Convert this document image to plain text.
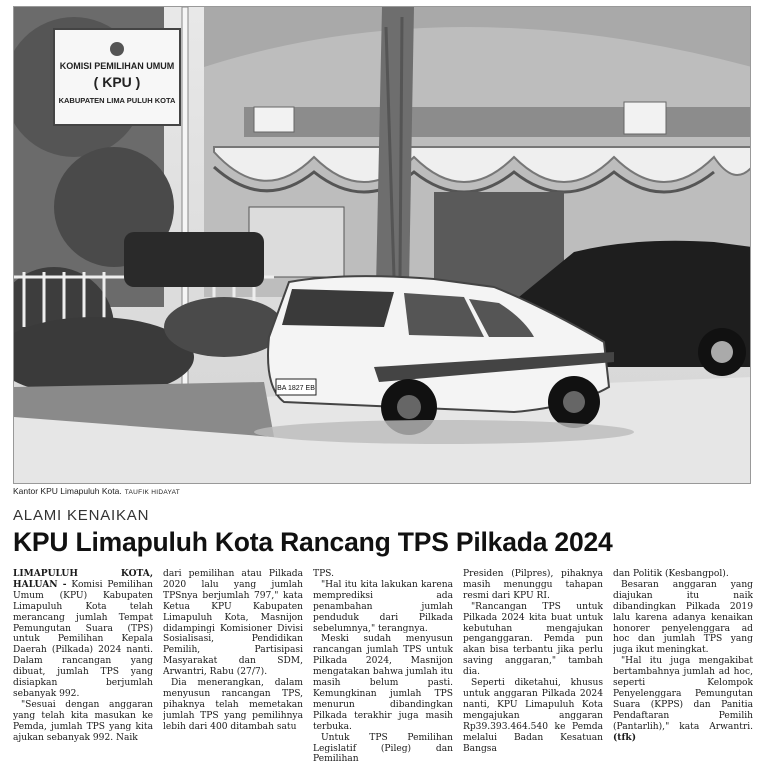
KOMISI PEMILIHAN UMUM
( KPU )
KABUPATEN LIMA PULUH KOTA
BA 1827 EB
Kantor KPU Limapuluh Kota. TAUFIK HIDAYAT
ALAMI KENAIKAN
KPU Limapuluh Kota Rancang TPS Pilkada 2024

LIMAPULUH KOTA, HALUAN - Komisi Pemilihan Umum (KPU) Kabupaten Limapuluh Kota telah merancang jumlah Tempat Pemungutan Suara (TPS) untuk Pemilihan Kepala Daerah (Pilkada) 2024 nanti. Dalam rancangan yang dibuat, jumlah TPS yang disiapkan berjumlah sebanyak 992.

"Sesuai dengan anggaran yang telah kita masukan ke Pemda, jumlah TPS yang kita ajukan sebanyak 992. Naik

dari pemilihan atau Pilkada 2020 lalu yang jumlah TPSnya berjumlah 797," kata Ketua KPU Kabupaten Limapuluh Kota, Masnijon didampingi Komisioner Divisi Sosialisasi, Pendidikan Pemilih, Partisipasi Masyarakat dan SDM, Arwantri, Rabu (27/7).

Dia menerangkan, dalam menyusun rancangan TPS, pihaknya telah memetakan jumlah TPS yang pemilihnya lebih dari 400 ditambah satu

TPS.

"Hal itu kita lakukan karena memprediksi ada penambahan jumlah penduduk dari Pilkada sebelumnya," terangnya.

Meski sudah menyusun rancangan jumlah TPS untuk Pilkada 2024, Masnijon mengatakan bahwa jumlah itu masih belum pasti. Kemungkinan jumlah TPS menurun dibandingkan Pilkada terakhir juga masih terbuka.

Untuk TPS Pemilihan Legislatif (Pileg) dan Pemilihan

Presiden (Pilpres), pihaknya masih menunggu tahapan resmi dari KPU RI.

"Rancangan TPS untuk Pilkada 2024 kita buat untuk kebutuhan mengajukan penganggaran. Pemda pun akan bisa terbantu jika perlu saving anggaran," tambah dia.

Seperti diketahui, khusus untuk anggaran Pilkada 2024 nanti, KPU Limapuluh Kota mengajukan anggaran Rp39.393.464.540 ke Pemda melalui Badan Kesatuan Bangsa

dan Politik (Kesbangpol).

Besaran anggaran yang diajukan itu naik dibandingkan Pilkada 2019 lalu karena adanya kenaikan honorer penyelenggara ad hoc dan jumlah TPS yang juga ikut meningkat.

"Hal itu juga mengakibat bertambahnya jumlah ad hoc, seperti Kelompok Penyelenggara Pemungutan Suara (KPPS) dan Panitia Pendaftaran Pemilih (Pantarlih)," kata Arwantri. (tfk)
